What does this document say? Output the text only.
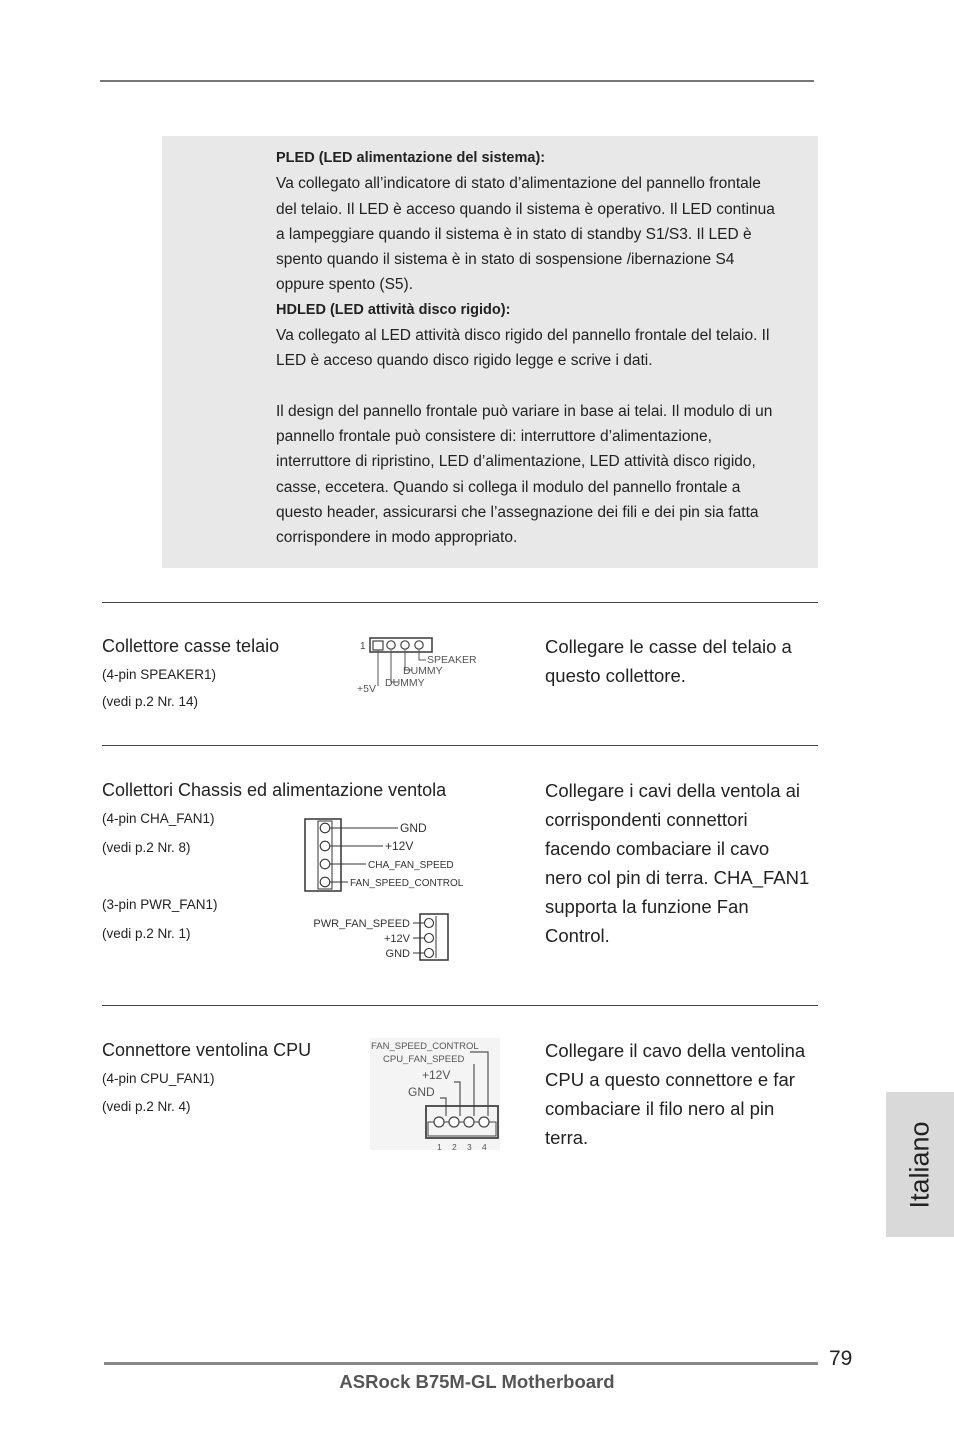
PLED (LED alimentazione del sistema):

Va collegato all’indicatore di stato d’alimentazione del pannello frontale

del telaio. Il LED è acceso quando il sistema è operativo. Il LED continua

a lampeggiare quando il sistema è in stato di standby S1/S3. Il LED è

spento quando il sistema è in stato di sospensione /ibernazione S4

oppure spento (S5).

HDLED (LED attività disco rigido):

Va collegato al LED attività disco rigido del pannello frontale del telaio. Il

LED è acceso quando disco rigido legge e scrive i dati.

Il design del pannello frontale può variare in base ai telai. Il modulo di un

pannello frontale può consistere di: interruttore d’alimentazione,

interruttore di ripristino, LED d’alimentazione, LED attività disco rigido,

casse, eccetera. Quando si collega il modulo del pannello frontale a

questo header, assicurarsi che l’assegnazione dei fili e dei pin sia fatta

corrispondere in modo appropriato.

Collettore casse telaio
(4-pin SPEAKER1)
(vedi p.2 Nr. 14)
1
SPEAKER
DUMMY
DUMMY
+5V

Collegare le casse del telaio a

questo collettore.

Collettori Chassis ed alimentazione ventola
(4-pin CHA_FAN1)
(vedi p.2 Nr. 8)
(3-pin PWR_FAN1)
(vedi p.2 Nr. 1)
GND
+12V
CHA_FAN_SPEED
FAN_SPEED_CONTROL
PWR_FAN_SPEED
+12V
GND

Collegare i cavi della ventola ai

corrispondenti connettori

facendo combaciare il cavo

nero col pin di terra. CHA_FAN1

supporta la funzione Fan

Control.

Connettore ventolina CPU
(4-pin CPU_FAN1)
(vedi p.2 Nr. 4)
FAN_SPEED_CONTROL
CPU_FAN_SPEED
+12V
GND
1 2 3 4

Collegare il cavo della ventolina

CPU a questo connettore e far

combaciare il filo nero al pin

terra.	Italiano
79
ASRock B75M-GL Motherboard
